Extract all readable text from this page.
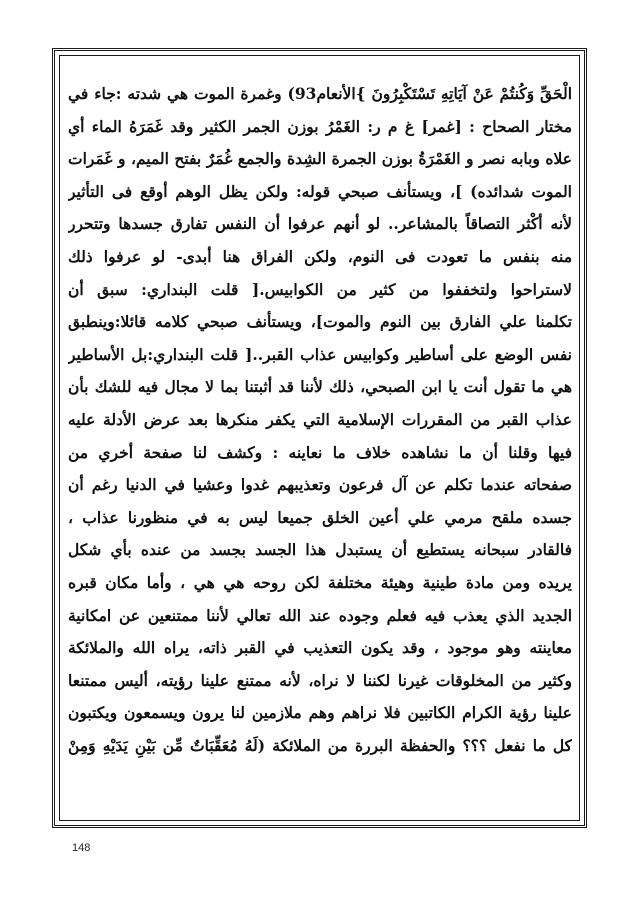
الْحَقِّ وَكُنتُمْ عَنْ آيَاتِهِ تَسْتَكْبِرُونَ }الأنعام93) وغمرة الموت هي شدته :جاء في
مختار الصحاح : [غمر] غ م ر: الغَمْرُ بوزن الجمر الكثير وقد غَمَرَهُ الماء أي
علاه وبابه نصر و الغَمْرَةُ بوزن الجمرة الشِدة والجمع غُمَرٌ بفتح الميم، و غَمَرات
الموت شدائده) ]، ويستأنف صبحي قوله: ولكن يظل الوهم أوقع فى التأثير
لأنه أكْثر التصاقاً بالمشاعر.. لو أنهم عرفوا أن النفس تفارق جسدها وتتحرر
منه بنفس ما تعودت فى النوم، ولكن الفراق هنا أبدى- لو عرفوا ذلك
لاستراحوا ولتخففوا من كثير من الكوابيس.[ قلت البنداري: سبق أن
تكلمنا علي الفارق بين النوم والموت]، ويستأنف صبحي كلامه قائلا:وينطبق
نفس الوضع على أساطير وكوابيس عذاب القبر..[ قلت البنداري:بل الأساطير
هي ما تقول أنت يا ابن الصبحي، ذلك لأننا قد أثبتنا بما لا مجال فيه للشك بأن
عذاب القبر من المقررات الإسلامية التي يكفر منكرها بعد عرض الأدلة عليه
فيها وقلنا أن ما نشاهده خلاف ما نعاينه : وكشف لنا صفحة أخري من
صفحاته عندما تكلم عن آل فرعون وتعذيبهم غدوا وعشيا في الدنيا رغم أن
جسده ملقح مرمي علي أعين الخلق جميعا ليس به في منظورنا عذاب ،
فالقادر سبحانه يستطيع أن يستبدل هذا الجسد بجسد من عنده بأي شكل
يريده ومن مادة طينية وهيئة مختلفة لكن روحه هي هي ، وأما مكان قبره
الجديد الذي يعذب فيه فعلم وجوده عند الله تعالي لأننا ممتنعين عن امكانية
معاينته وهو موجود ، وقد يكون التعذيب في القبر ذاته، يراه الله والملائكة
وكثير من المخلوقات غيرنا لكننا لا نراه، لأنه ممتنع علينا رؤيته، أليس ممتنعا
علينا رؤية الكرام الكاتبين فلا نراهم وهم ملازمين لنا يرون ويسمعون ويكتبون
كل ما نفعل ؟؟؟ والحفظة البررة من الملائكة (لَهُ مُعَقِّبَاتٌ مِّن بَيْنِ يَدَيْهِ وَمِنْ
148
